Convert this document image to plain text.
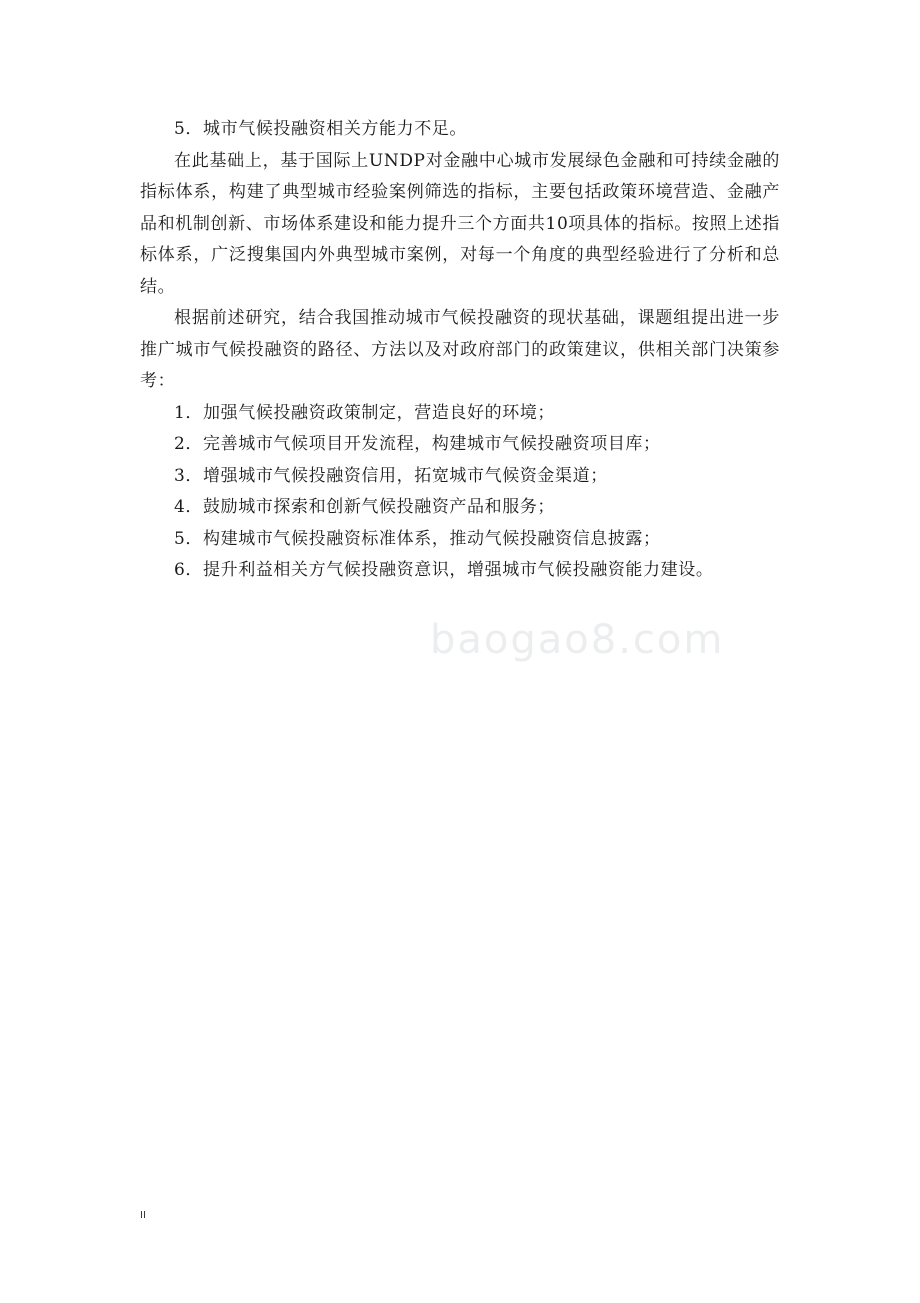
5．城市气候投融资相关方能力不足。

在此基础上，基于国际上UNDP对金融中心城市发展绿色金融和可持续金融的指标体系，构建了典型城市经验案例筛选的指标，主要包括政策环境营造、金融产品和机制创新、市场体系建设和能力提升三个方面共10项具体的指标。按照上述指标体系，广泛搜集国内外典型城市案例，对每一个角度的典型经验进行了分析和总结。

根据前述研究，结合我国推动城市气候投融资的现状基础，课题组提出进一步推广城市气候投融资的路径、方法以及对政府部门的政策建议，供相关部门决策参考：

1．加强气候投融资政策制定，营造良好的环境；

2．完善城市气候项目开发流程，构建城市气候投融资项目库；

3．增强城市气候投融资信用，拓宽城市气候资金渠道；

4．鼓励城市探索和创新气候投融资产品和服务；

5．构建城市气候投融资标准体系，推动气候投融资信息披露；

6．提升利益相关方气候投融资意识，增强城市气候投融资能力建设。

baogao8.com
II
